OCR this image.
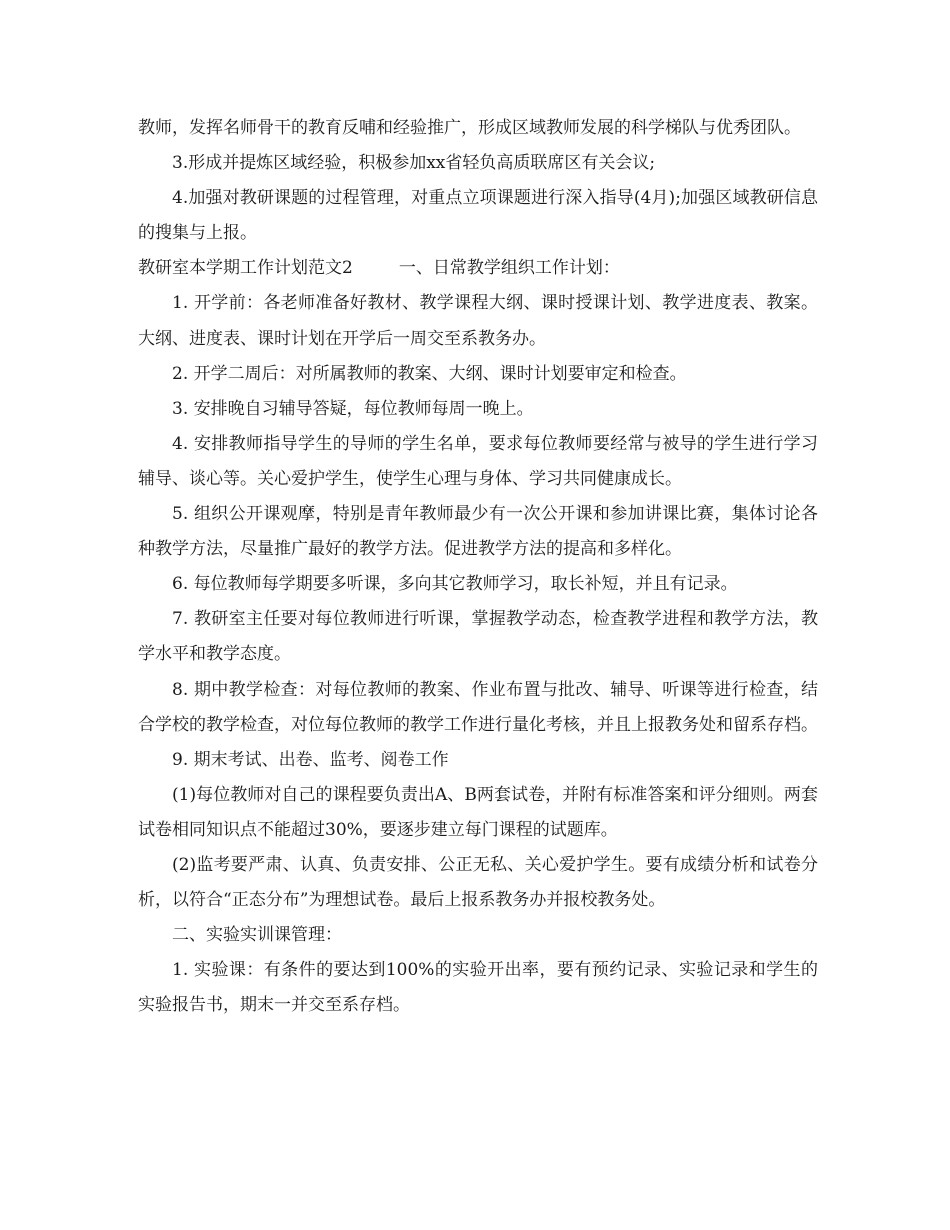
教师，发挥名师骨干的教育反哺和经验推广，形成区域教师发展的科学梯队与优秀团队。

3.形成并提炼区域经验，积极参加xx省轻负高质联席区有关会议;

4.加强对教研课题的过程管理，对重点立项课题进行深入指导(4月);加强区域教研信息的搜集与上报。

教研室本学期工作计划范文2	一、日常教学组织工作计划：

1. 开学前：各老师准备好教材、教学课程大纲、课时授课计划、教学进度表、教案。大纲、进度表、课时计划在开学后一周交至系教务办。

2. 开学二周后：对所属教师的教案、大纲、课时计划要审定和检查。

3. 安排晚自习辅导答疑，每位教师每周一晚上。

4. 安排教师指导学生的导师的学生名单，要求每位教师要经常与被导的学生进行学习辅导、谈心等。关心爱护学生，使学生心理与身体、学习共同健康成长。

5. 组织公开课观摩，特别是青年教师最少有一次公开课和参加讲课比赛，集体讨论各种教学方法，尽量推广最好的教学方法。促进教学方法的提高和多样化。

6. 每位教师每学期要多听课，多向其它教师学习，取长补短，并且有记录。

7. 教研室主任要对每位教师进行听课，掌握教学动态，检查教学进程和教学方法，教学水平和教学态度。

8. 期中教学检查：对每位教师的教案、作业布置与批改、辅导、听课等进行检查，结合学校的教学检查，对位每位教师的教学工作进行量化考核，并且上报教务处和留系存档。

9. 期末考试、出卷、监考、阅卷工作

(1)每位教师对自己的课程要负责出A、B两套试卷，并附有标准答案和评分细则。两套试卷相同知识点不能超过30%，要逐步建立每门课程的试题库。

(2)监考要严肃、认真、负责安排、公正无私、关心爱护学生。要有成绩分析和试卷分析，以符合“正态分布”为理想试卷。最后上报系教务办并报校教务处。

二、实验实训课管理：

1. 实验课：有条件的要达到100%的实验开出率，要有预约记录、实验记录和学生的实验报告书，期末一并交至系存档。
